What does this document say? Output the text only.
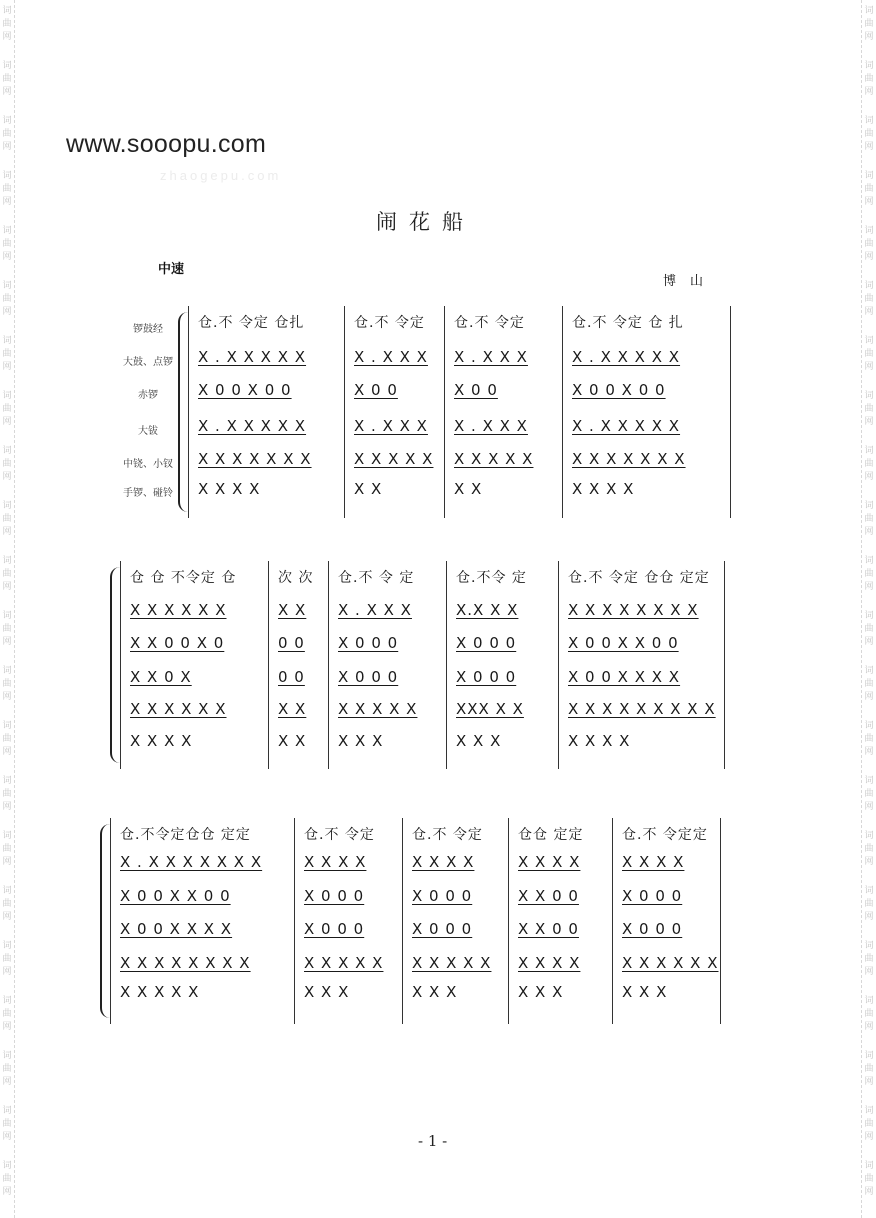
词
曲
网
词
曲
网
词
曲
网
词
曲
网
词
曲
网
词
曲
网
词
曲
网
词
曲
网
词
曲
网
词
曲
网
词
曲
网
词
曲
网
词
曲
网
词
曲
网
词
曲
网
词
曲
网
词
曲
网
词
曲
网
词
曲
网
词
曲
网
词
曲
网
词
曲
网
词
曲
网
词
曲
网
词
曲
网
词
曲
网
词
曲
网
词
曲
网
词
曲
网
词
曲
网
词
曲
网
词
曲
网
词
曲
网
词
曲
网
词
曲
网
词
曲
网
词
曲
网
词
曲
网
词
曲
网
词
曲
网
词
曲
网
词
曲
网
词
曲
网
词
曲
网
www.sooopu.com
zhaogepu.com
闹花船
中速
博山
锣鼓经
大鼓、点锣
赤锣
大钹
中铙、小钗
手锣、碰铃
仓.不 令定 仓扎
X . X X X X X
X 0 0 X 0 0
X . X X X X X
X X X X X X X
X X X X
仓.不 令定
X . X X X
X 0 0
X . X X X
X X X X X
X X
仓.不 令定
X . X X X
X 0 0
X . X X X
X X X X X
X X
仓.不 令定 仓 扎
X . X X X X X
X 0 0 X 0 0
X . X X X X X
X X X X X X X
X X X X
仓 仓 不令定 仓
X X X X X X
X X 0 0 X 0
X X 0 X
X X X X X X
X X X X
次 次
X X
0 0
0 0
X X
X X
仓.不 令 定
X . X X X
X 0 0 0
X 0 0 0
X X X X X
X X X
仓.不令 定
X.X X X
X 0 0 0
X 0 0 0
XXX X X
X X X
仓.不 令定 仓仓 定定
X X X X X X X X
X 0 0 X X 0 0
X 0 0 X X X X
X X X X X X X X X
X X X X
仓.不令定仓仓 定定
X . X X X X X X X
X 0 0 X X 0 0
X 0 0 X X X X
X X X X X X X X
X X X X X
仓.不 令定
X X X X
X 0 0 0
X 0 0 0
X X X X X
X X X
仓.不 令定
X X X X
X 0 0 0
X 0 0 0
X X X X X
X X X
仓仓 定定
X X X X
X X 0 0
X X 0 0
X X X X
X X X
仓.不 令定定
X X X X
X 0 0 0
X 0 0 0
X X X X X X
X X X
- 1 -
